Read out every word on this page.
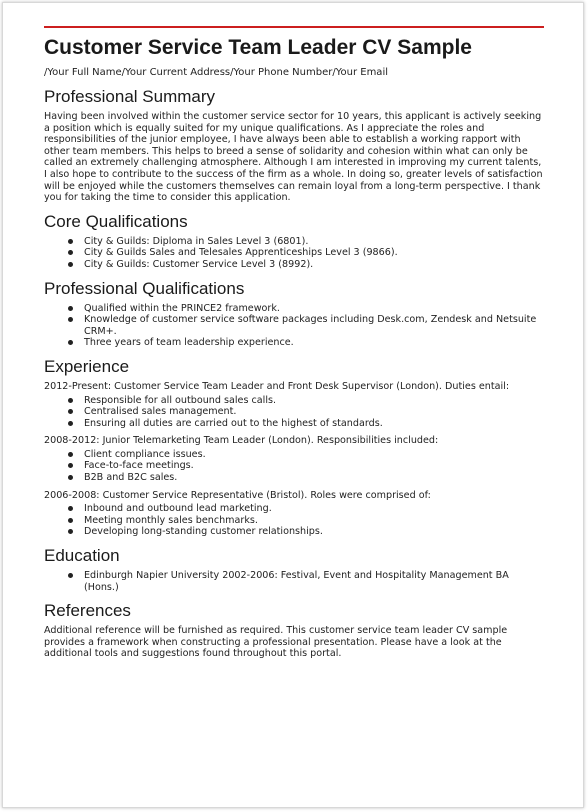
Customer Service Team Leader CV Sample
/Your Full Name/Your Current Address/Your Phone Number/Your Email
Professional Summary

Having been involved within the customer service sector for 10 years, this applicant is actively seeking a position which is equally suited for my unique qualifications. As I appreciate the roles and responsibilities of the junior employee, I have always been able to establish a working rapport with other team members. This helps to breed a sense of solidarity and cohesion within what can only be called an extremely challenging atmosphere. Although I am interested in improving my current talents, I also hope to contribute to the success of the firm as a whole. In doing so, greater levels of satisfaction will be enjoyed while the customers themselves can remain loyal from a long-term perspective. I thank you for taking the time to consider this application.

Core Qualifications
City & Guilds: Diploma in Sales Level 3 (6801).
City & Guilds Sales and Telesales Apprenticeships Level 3 (9866).
City & Guilds: Customer Service Level 3 (8992).
Professional Qualifications
Qualified within the PRINCE2 framework.
Knowledge of customer service software packages including Desk.com, Zendesk and Netsuite CRM+.
Three years of team leadership experience.
Experience

2012-Present: Customer Service Team Leader and Front Desk Supervisor (London). Duties entail:

Responsible for all outbound sales calls.
Centralised sales management.
Ensuring all duties are carried out to the highest of standards.

2008-2012: Junior Telemarketing Team Leader (London). Responsibilities included:

Client compliance issues.
Face-to-face meetings.
B2B and B2C sales.

2006-2008: Customer Service Representative (Bristol). Roles were comprised of:

Inbound and outbound lead marketing.
Meeting monthly sales benchmarks.
Developing long-standing customer relationships.
Education
Edinburgh Napier University 2002-2006: Festival, Event and Hospitality Management BA (Hons.)
References

Additional reference will be furnished as required. This customer service team leader CV sample provides a framework when constructing a professional presentation. Please have a look at the additional tools and suggestions found throughout this portal.
